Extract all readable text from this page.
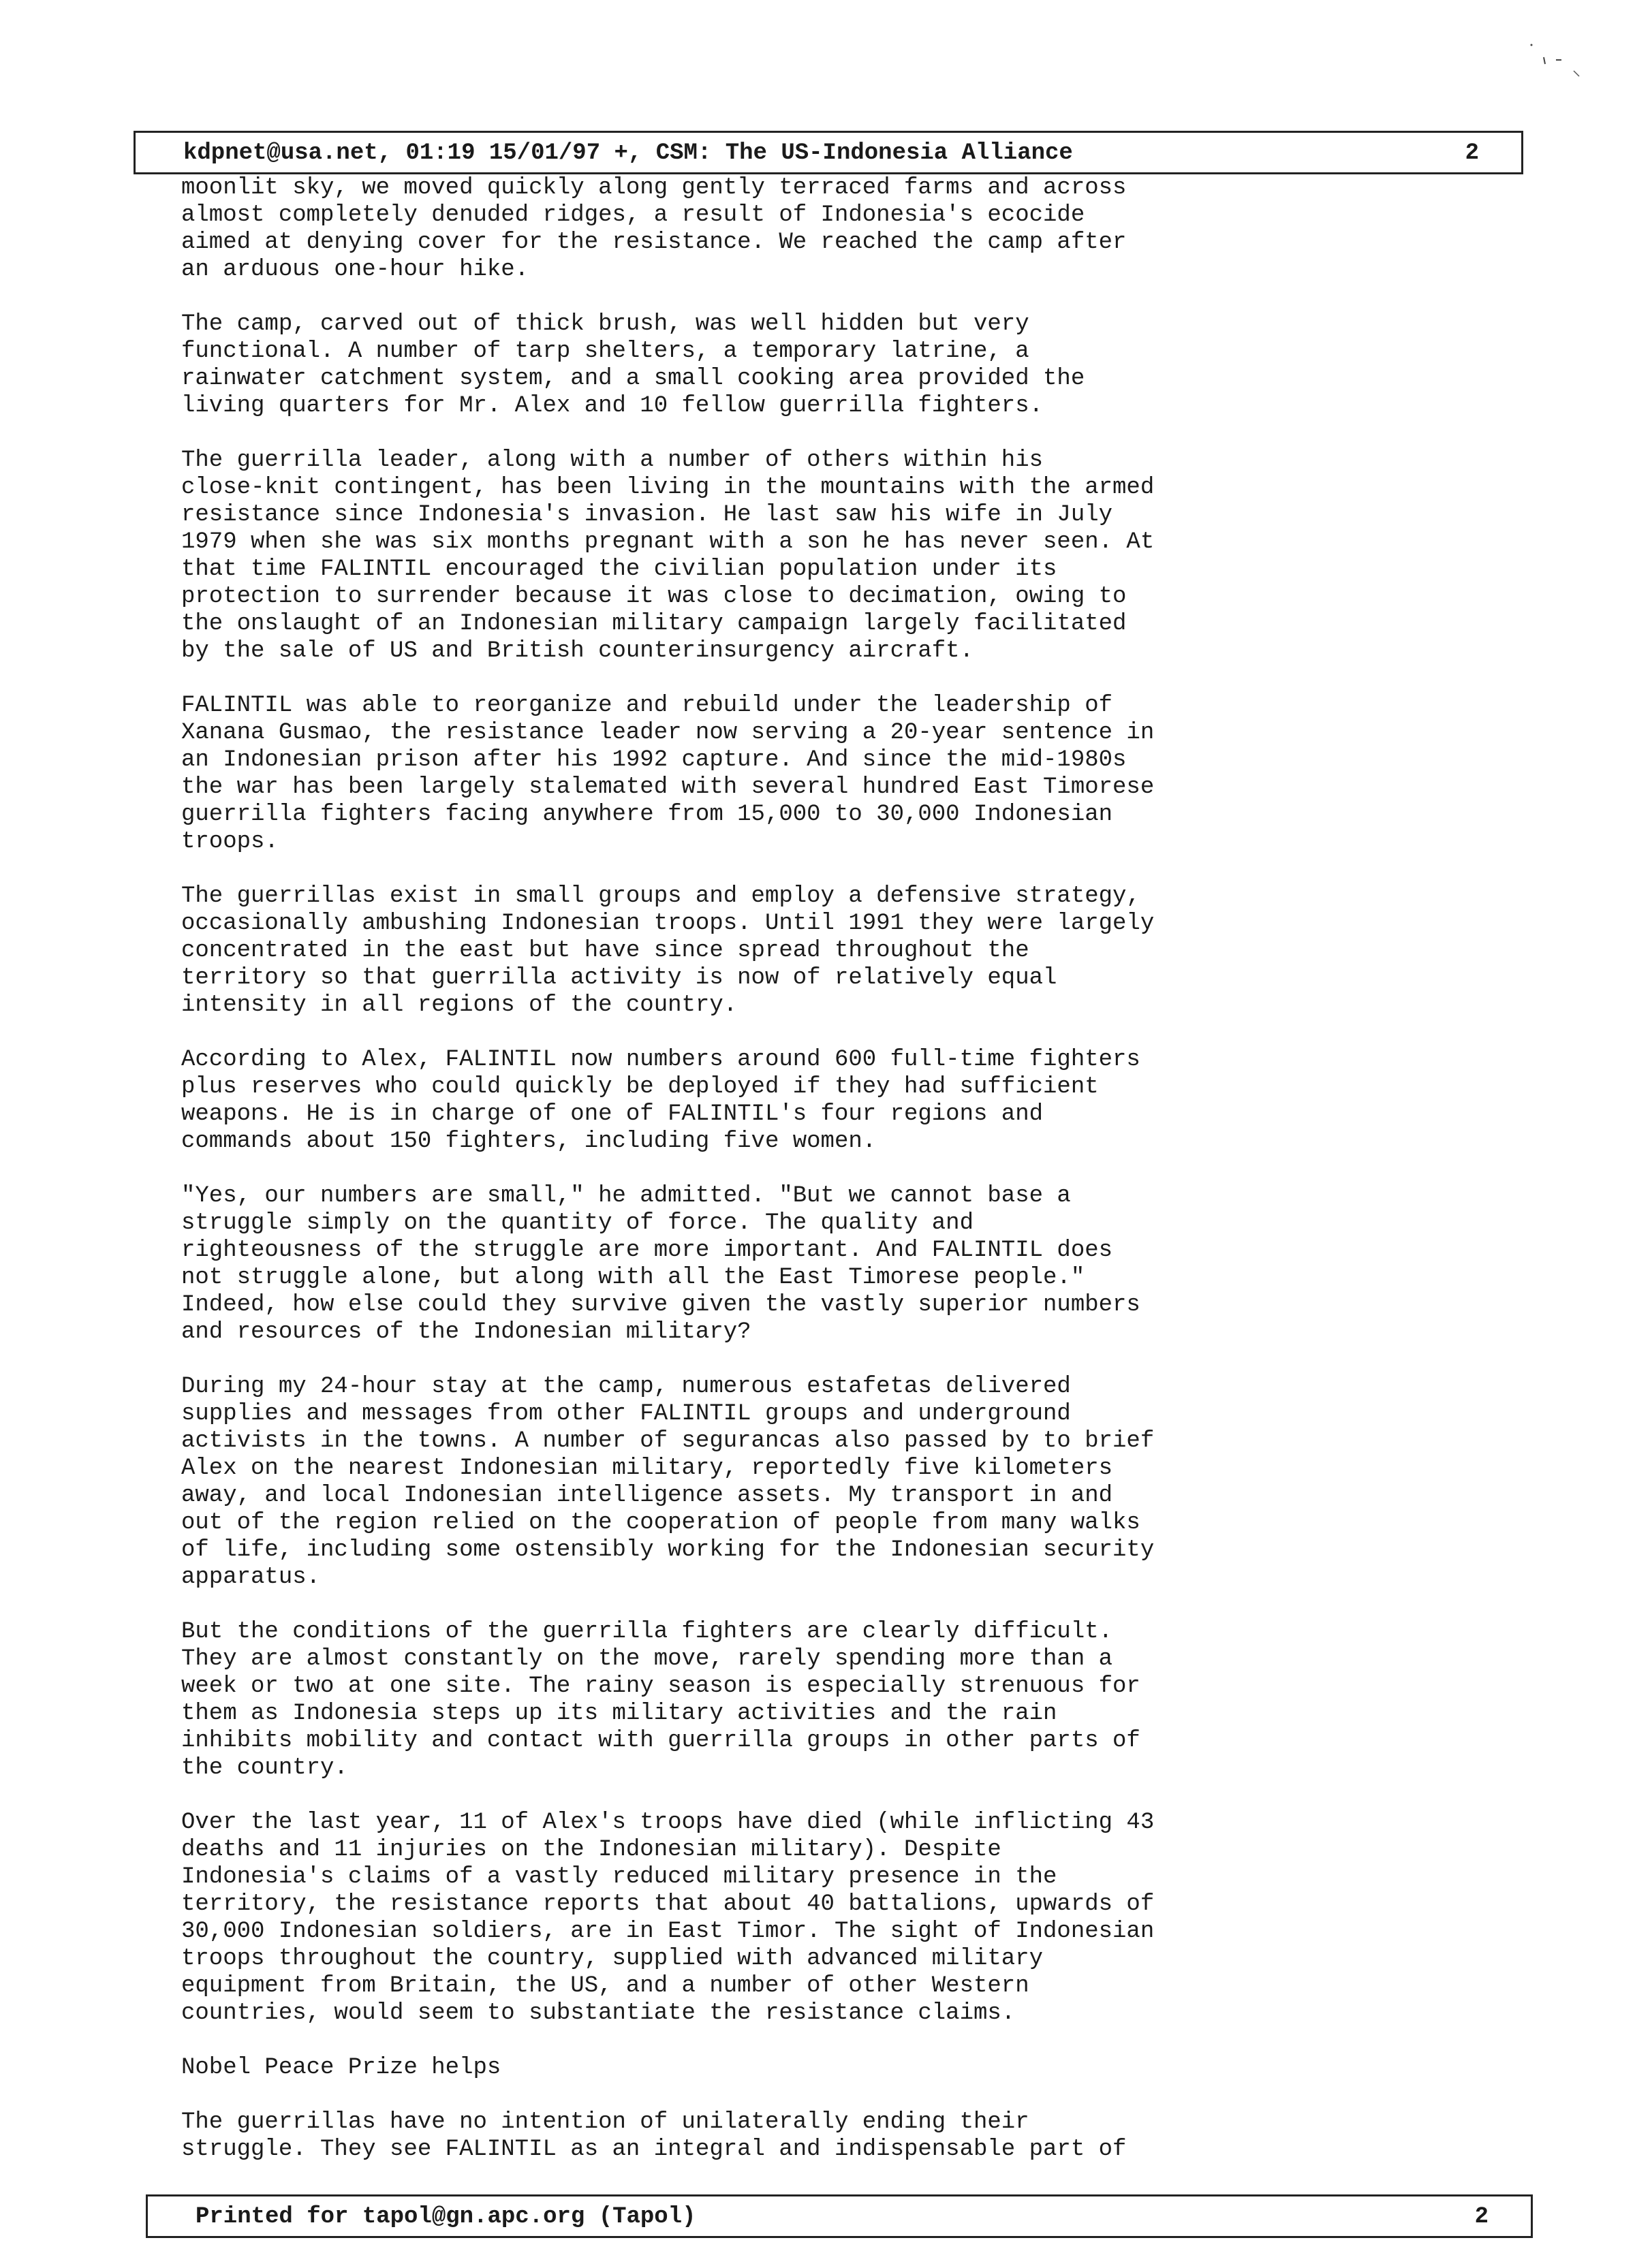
kdpnet@usa.net, 01:19 15/01/97 +, CSM: The US-Indonesia Alliance	2

moonlit sky, we moved quickly along gently terraced farms and across
almost completely denuded ridges, a result of Indonesia's ecocide
aimed at denying cover for the resistance. We reached the camp after
an arduous one-hour hike.

The camp, carved out of thick brush, was well hidden but very
functional. A number of tarp shelters, a temporary latrine, a
rainwater catchment system, and a small cooking area provided the
living quarters for Mr. Alex and 10 fellow guerrilla fighters.

The guerrilla leader, along with a number of others within his
close-knit contingent, has been living in the mountains with the armed
resistance since Indonesia's invasion. He last saw his wife in July
1979 when she was six months pregnant with a son he has never seen. At
that time FALINTIL encouraged the civilian population under its
protection to surrender because it was close to decimation, owing to
the onslaught of an Indonesian military campaign largely facilitated
by the sale of US and British counterinsurgency aircraft.

FALINTIL was able to reorganize and rebuild under the leadership of
Xanana Gusmao, the resistance leader now serving a 20-year sentence in
an Indonesian prison after his 1992 capture. And since the mid-1980s
the war has been largely stalemated with several hundred East Timorese
guerrilla fighters facing anywhere from 15,000 to 30,000 Indonesian
troops.

The guerrillas exist in small groups and employ a defensive strategy,
occasionally ambushing Indonesian troops. Until 1991 they were largely
concentrated in the east but have since spread throughout the
territory so that guerrilla activity is now of relatively equal
intensity in all regions of the country.

According to Alex, FALINTIL now numbers around 600 full-time fighters
plus reserves who could quickly be deployed if they had sufficient
weapons. He is in charge of one of FALINTIL's four regions and
commands about 150 fighters, including five women.

"Yes, our numbers are small," he admitted. "But we cannot base a
struggle simply on the quantity of force. The quality and
righteousness of the struggle are more important. And FALINTIL does
not struggle alone, but along with all the East Timorese people."
Indeed, how else could they survive given the vastly superior numbers
and resources of the Indonesian military?

During my 24-hour stay at the camp, numerous estafetas delivered
supplies and messages from other FALINTIL groups and underground
activists in the towns. A number of segurancas also passed by to brief
Alex on the nearest Indonesian military, reportedly five kilometers
away, and local Indonesian intelligence assets. My transport in and
out of the region relied on the cooperation of people from many walks
of life, including some ostensibly working for the Indonesian security
apparatus.

But the conditions of the guerrilla fighters are clearly difficult.
They are almost constantly on the move, rarely spending more than a
week or two at one site. The rainy season is especially strenuous for
them as Indonesia steps up its military activities and the rain
inhibits mobility and contact with guerrilla groups in other parts of
the country.

Over the last year, 11 of Alex's troops have died (while inflicting 43
deaths and 11 injuries on the Indonesian military). Despite
Indonesia's claims of a vastly reduced military presence in the
territory, the resistance reports that about 40 battalions, upwards of
30,000 Indonesian soldiers, are in East Timor. The sight of Indonesian
troops throughout the country, supplied with advanced military
equipment from Britain, the US, and a number of other Western
countries, would seem to substantiate the resistance claims.

Nobel Peace Prize helps

The guerrillas have no intention of unilaterally ending their
struggle. They see FALINTIL as an integral and indispensable part of

Printed for tapol@gn.apc.org (Tapol)	2
